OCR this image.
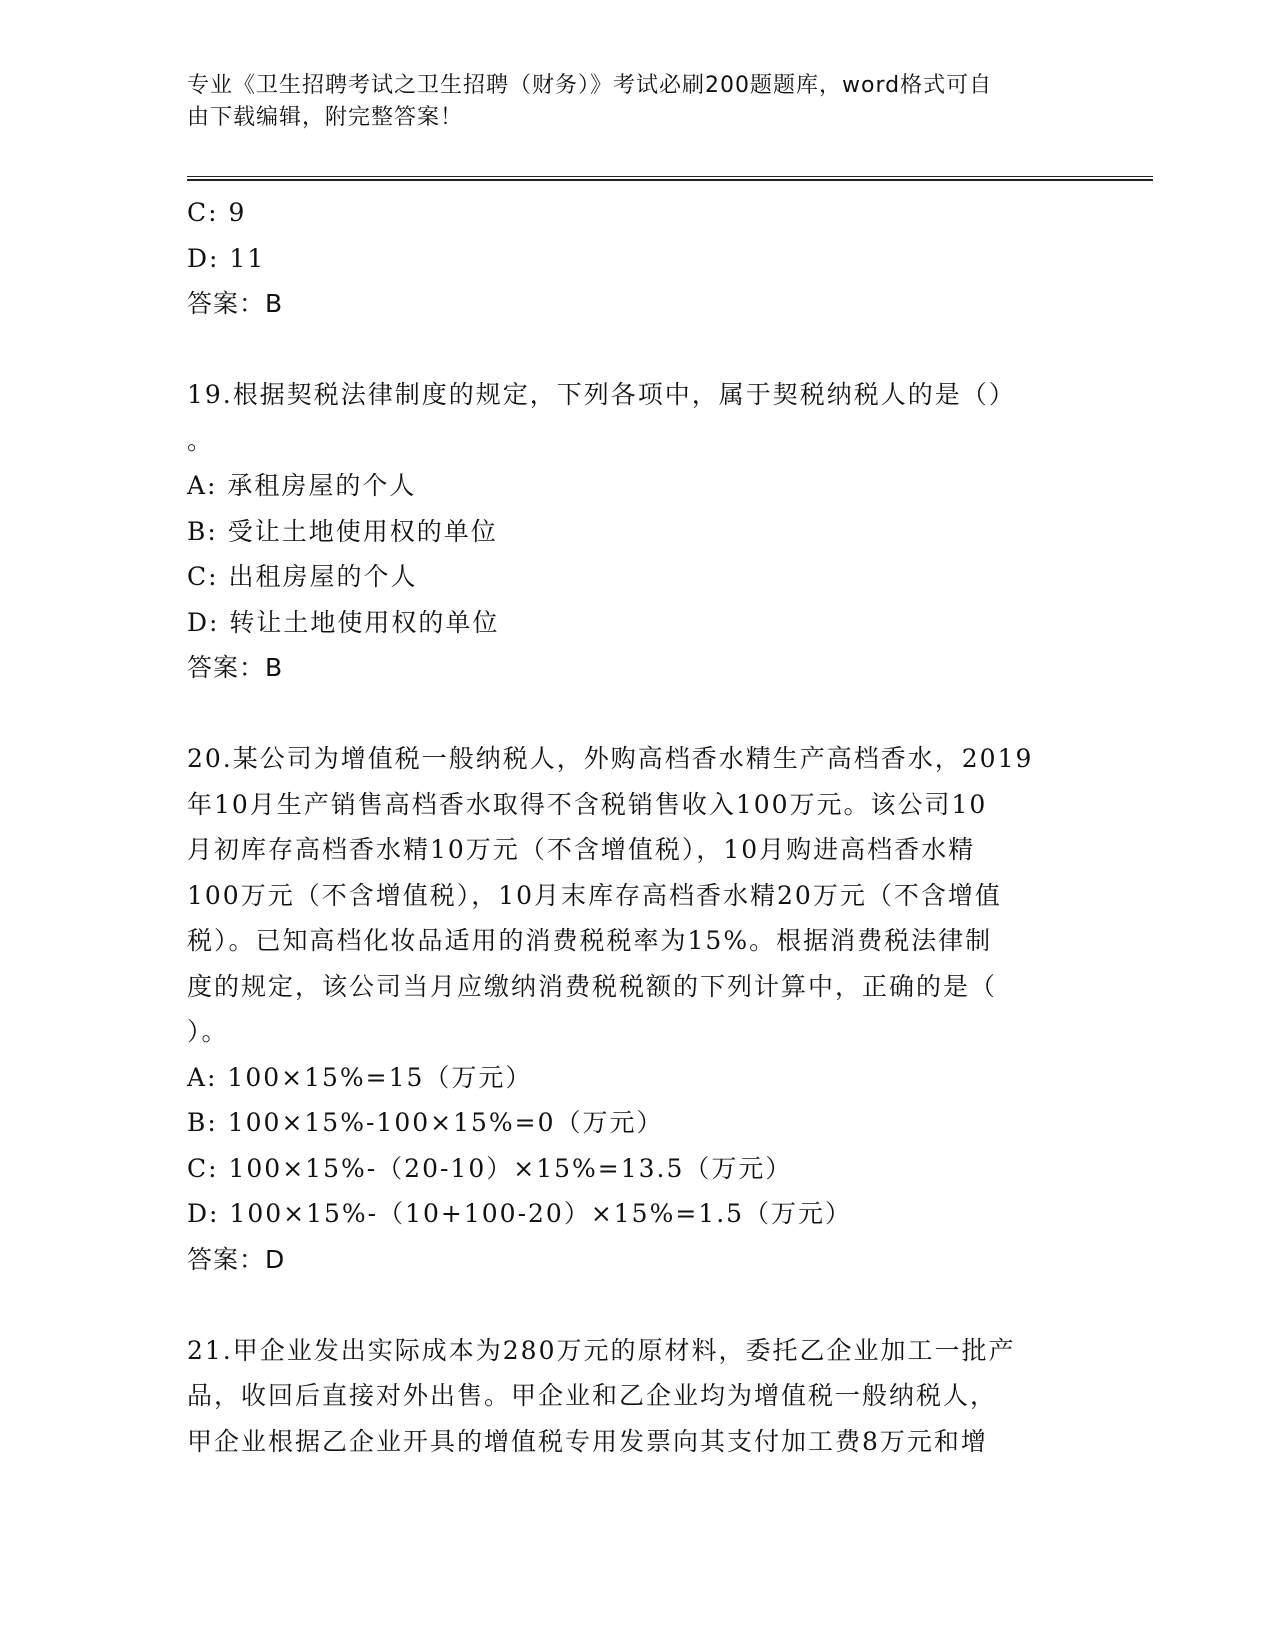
专业《卫生招聘考试之卫生招聘（财务）》考试必刷200题题库，word格式可自
由下载编辑，附完整答案！
C: 9
D: 11
答案：B
19.根据契税法律制度的规定，下列各项中，属于契税纳税人的是（）
。
A: 承租房屋的个人
B: 受让土地使用权的单位
C: 出租房屋的个人
D: 转让土地使用权的单位
答案：B
20.某公司为增值税一般纳税人，外购高档香水精生产高档香水，2019
年10月生产销售高档香水取得不含税销售收入100万元。该公司10
月初库存高档香水精10万元（不含增值税），10月购进高档香水精
100万元（不含增值税），10月末库存高档香水精20万元（不含增值
税）。已知高档化妆品适用的消费税税率为15%。根据消费税法律制
度的规定，该公司当月应缴纳消费税税额的下列计算中，正确的是（
）。
A: 100×15%=15（万元）
B: 100×15%-100×15%=0（万元）
C: 100×15%-（20-10）×15%=13.5（万元）
D: 100×15%-（10+100-20）×15%=1.5（万元）
答案：D
21.甲企业发出实际成本为280万元的原材料，委托乙企业加工一批产
品，收回后直接对外出售。甲企业和乙企业均为增值税一般纳税人，
甲企业根据乙企业开具的增值税专用发票向其支付加工费8万元和增
